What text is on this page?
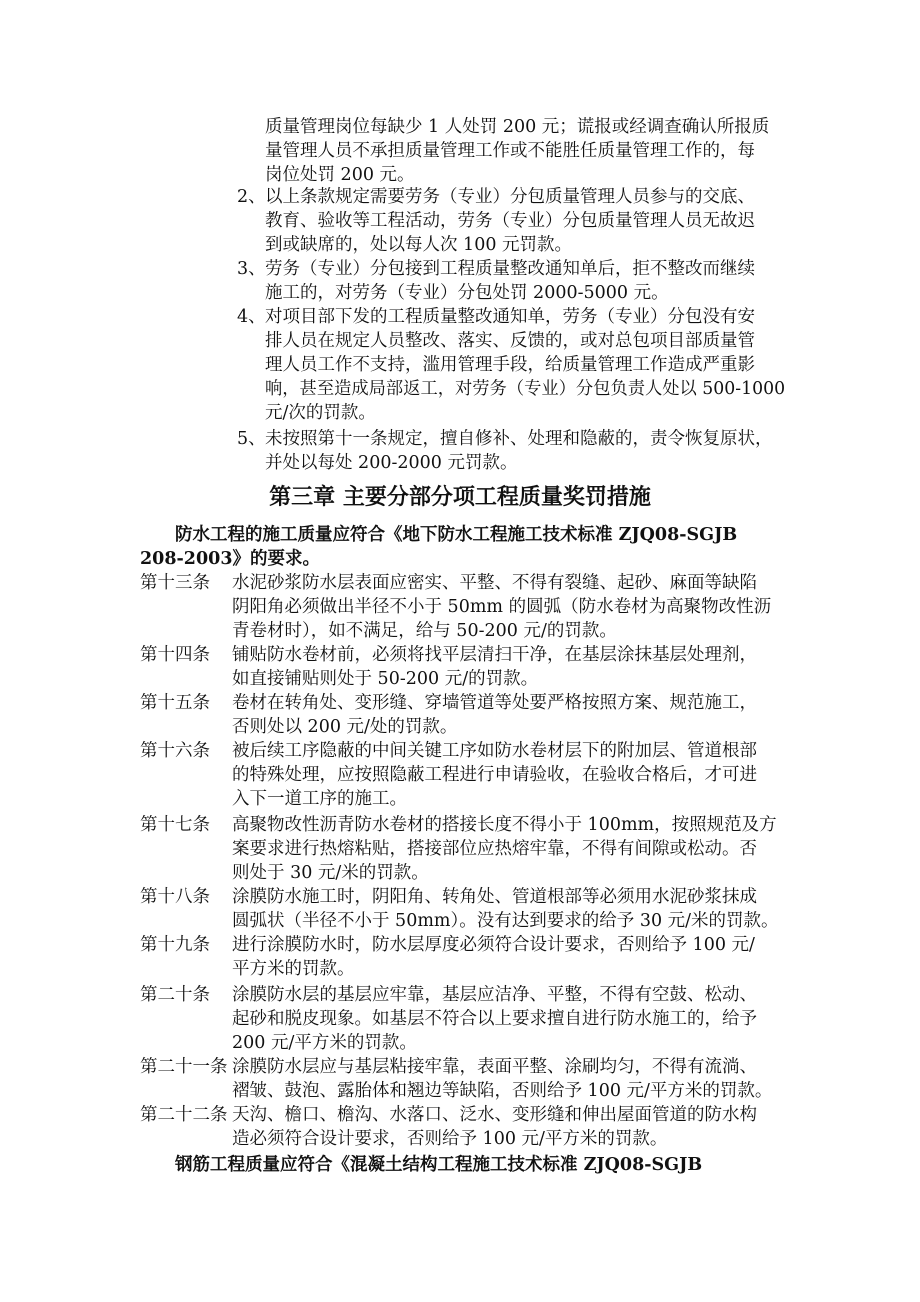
质量管理岗位每缺少 1 人处罚 200 元；谎报或经调查确认所报质
量管理人员不承担质量管理工作或不能胜任质量管理工作的，每
岗位处罚 200 元。
2、 以上条款规定需要劳务（专业）分包质量管理人员参与的交底、
教育、验收等工程活动，劳务（专业）分包质量管理人员无故迟
到或缺席的，处以每人次 100 元罚款。
3、 劳务（专业）分包接到工程质量整改通知单后，拒不整改而继续
施工的，对劳务（专业）分包处罚 2000-5000 元。
4、 对项目部下发的工程质量整改通知单，劳务（专业）分包没有安
排人员在规定人员整改、落实、反馈的，或对总包项目部质量管
理人员工作不支持，滥用管理手段，给质量管理工作造成严重影
响，甚至造成局部返工，对劳务（专业）分包负责人处以 500-1000
元/次的罚款。
5、 未按照第十一条规定，擅自修补、处理和隐蔽的，责令恢复原状，
并处以每处 200-2000 元罚款。
第三章 主要分部分项工程质量奖罚措施
防水工程的施工质量应符合《地下防水工程施工技术标准 ZJQ08-SGJB
208-2003》的要求。
第十三条 水泥砂浆防水层表面应密实、平整、不得有裂缝、起砂、麻面等缺陷
阴阳角必须做出半径不小于 50mm 的圆弧（防水卷材为高聚物改性沥
青卷材时），如不满足，给与 50-200 元/的罚款。
第十四条 铺贴防水卷材前，必须将找平层清扫干净，在基层涂抹基层处理剂，
如直接铺贴则处于 50-200 元/的罚款。
第十五条 卷材在转角处、变形缝、穿墙管道等处要严格按照方案、规范施工，
否则处以 200 元/处的罚款。
第十六条 被后续工序隐蔽的中间关键工序如防水卷材层下的附加层、管道根部
的特殊处理，应按照隐蔽工程进行申请验收，在验收合格后，才可进
入下一道工序的施工。
第十七条 高聚物改性沥青防水卷材的搭接长度不得小于 100mm，按照规范及方
案要求进行热熔粘贴，搭接部位应热熔牢靠，不得有间隙或松动。否
则处于 30 元/米的罚款。
第十八条 涂膜防水施工时，阴阳角、转角处、管道根部等必须用水泥砂浆抹成
圆弧状（半径不小于 50mm）。没有达到要求的给予 30 元/米的罚款。
第十九条 进行涂膜防水时，防水层厚度必须符合设计要求，否则给予 100 元/
平方米的罚款。
第二十条 涂膜防水层的基层应牢靠，基层应洁净、平整，不得有空鼓、松动、
起砂和脱皮现象。如基层不符合以上要求擅自进行防水施工的，给予
200 元/平方米的罚款。
第二十一条 涂膜防水层应与基层粘接牢靠，表面平整、涂刷均匀，不得有流淌、
褶皱、鼓泡、露胎体和翘边等缺陷，否则给予 100 元/平方米的罚款。
第二十二条 天沟、檐口、檐沟、水落口、泛水、变形缝和伸出屋面管道的防水构
造必须符合设计要求，否则给予 100 元/平方米的罚款。
钢筋工程质量应符合《混凝土结构工程施工技术标准 ZJQ08-SGJB
